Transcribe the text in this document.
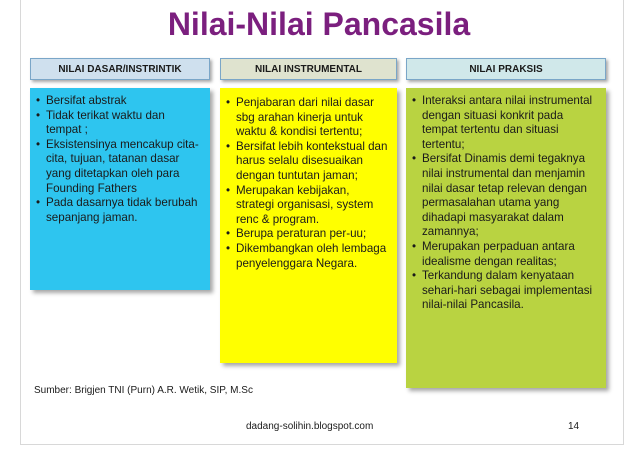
Nilai-Nilai Pancasila
NILAI DASAR/INSTRINTIK	NILAI INSTRUMENTAL	NILAI PRAKSIS
• Bersifat abstrak
• Tidak terikat waktu dan tempat ;
• Eksistensinya mencakup cita-cita, tujuan, tatanan dasar yang ditetapkan oleh para Founding Fathers
• Pada dasarnya tidak berubah sepanjang jaman.
• Penjabaran dari nilai dasar sbg arahan kinerja untuk waktu & kondisi tertentu;
• Bersifat lebih kontekstual dan harus selalu disesuaikan dengan tuntutan jaman;
• Merupakan kebijakan, strategi organisasi, system renc & program.
• Berupa peraturan per-uu;
• Dikembangkan oleh lembaga penyelenggara Negara.
• Interaksi antara nilai instrumental dengan situasi konkrit pada tempat tertentu dan situasi tertentu;
• Bersifat Dinamis demi tegaknya nilai instrumental dan menjamin nilai dasar tetap relevan dengan permasalahan utama yang dihadapi masyarakat dalam zamannya;
• Merupakan perpaduan antara idealisme dengan realitas;
• Terkandung dalam kenyataan sehari-hari sebagai implementasi nilai-nilai Pancasila.
Sumber: Brigjen TNI (Purn) A.R. Wetik, SIP, M.Sc
dadang-solihin.blogspot.com	14
